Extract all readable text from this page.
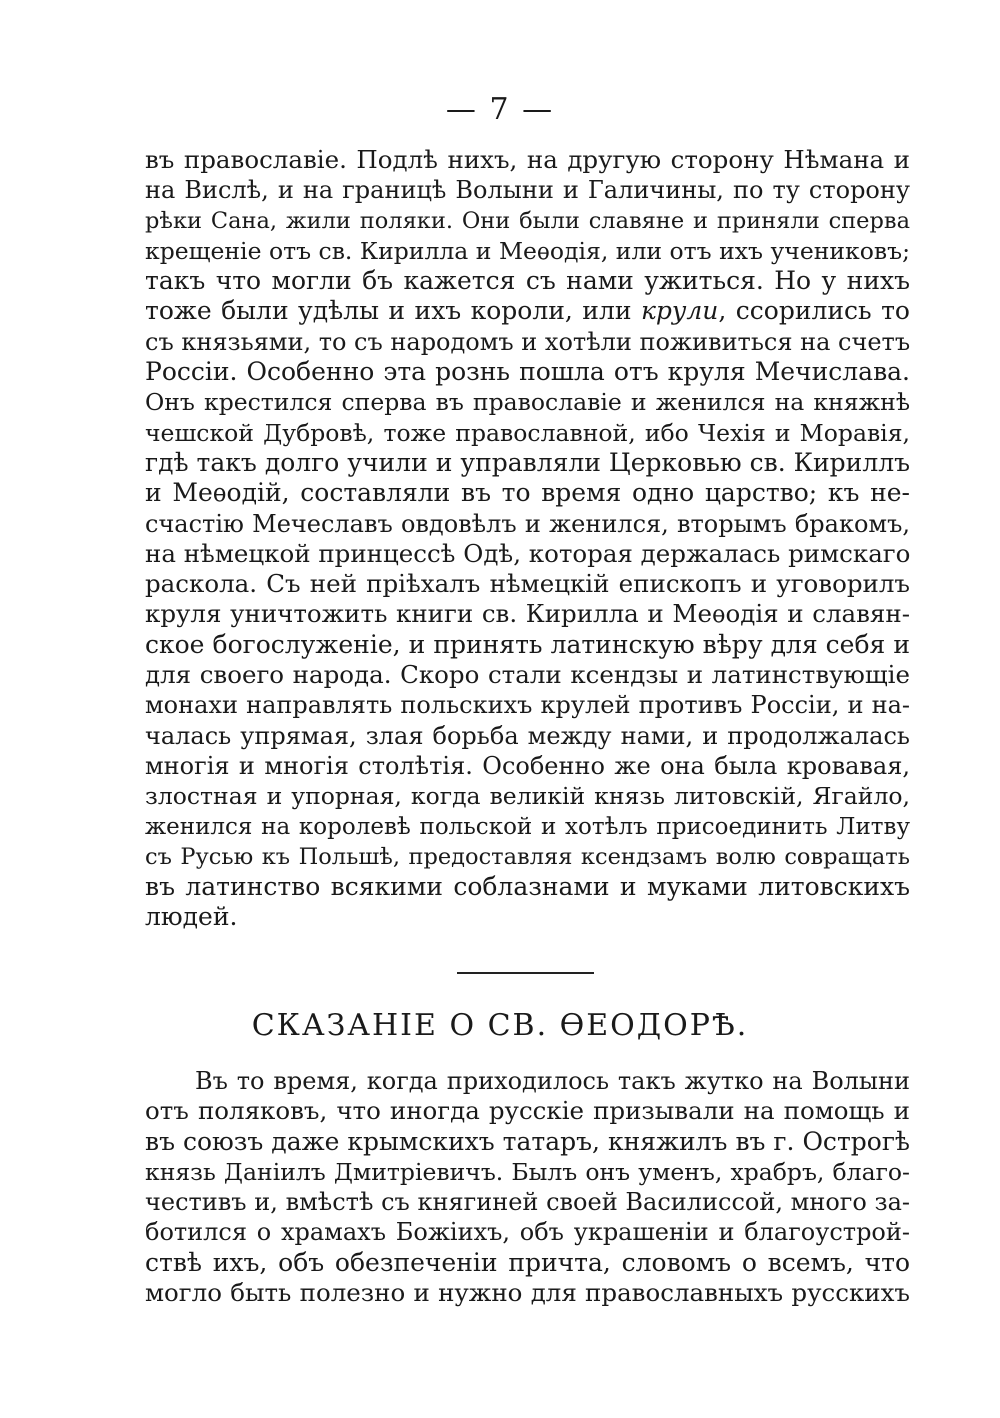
— 7 —
въ православіе. Подлѣ нихъ, на другую сторону Нѣмана и
на Вислѣ, и на границѣ Волыни и Галичины, по ту сторону
рѣки Сана, жили поляки. Они были славяне и приняли сперва
крещеніе отъ св. Кирилла и Меѳодія, или отъ ихъ учениковъ;
такъ что могли бъ кажется съ нами ужиться. Но у нихъ
тоже были удѣлы и ихъ короли, или крули, ссорились то
съ князьями, то съ народомъ и хотѣли поживиться на счетъ
Россіи. Особенно эта рознь пошла отъ круля Мечислава.
Онъ крестился сперва въ православіе и женился на княжнѣ
чешской Дубровѣ, тоже православной, ибо Чехія и Моравія,
гдѣ такъ долго учили и управляли Церковью св. Кириллъ
и Меѳодій, составляли въ то время одно царство; къ не-
счастію Мечеславъ овдовѣлъ и женился, вторымъ бракомъ,
на нѣмецкой принцессѣ Одѣ, которая держалась римскаго
раскола. Съ ней пріѣхалъ нѣмецкій епископъ и уговорилъ
круля уничтожить книги св. Кирилла и Меѳодія и славян-
ское богослуженіе, и принять латинскую вѣру для себя и
для своего народа. Скоро стали ксендзы и латинствующіе
монахи направлять польскихъ крулей противъ Россіи, и на-
чалась упрямая, злая борьба между нами, и продолжалась
многія и многія столѣтія. Особенно же она была кровавая,
злостная и упорная, когда великій князь литовскій, Ягайло,
женился на королевѣ польской и хотѣлъ присоединить Литву
съ Русью къ Польшѣ, предоставляя ксендзамъ волю совращать
въ латинство всякими соблазнами и муками литовскихъ
людей.
СКАЗАНІЕ О СВ. ѲЕОДОРѢ.
Въ то время, когда приходилось такъ жутко на Волыни
отъ поляковъ, что иногда русскіе призывали на помощь и
въ союзъ даже крымскихъ татаръ, княжилъ въ г. Острогѣ
князь Даніилъ Дмитріевичъ. Былъ онъ уменъ, храбръ, благо-
честивъ и, вмѣстѣ съ княгиней своей Василиссой, много за-
ботился о храмахъ Божіихъ, объ украшеніи и благоустрой-
ствѣ ихъ, объ обезпеченіи причта, словомъ о всемъ, что
могло быть полезно и нужно для православныхъ русскихъ
